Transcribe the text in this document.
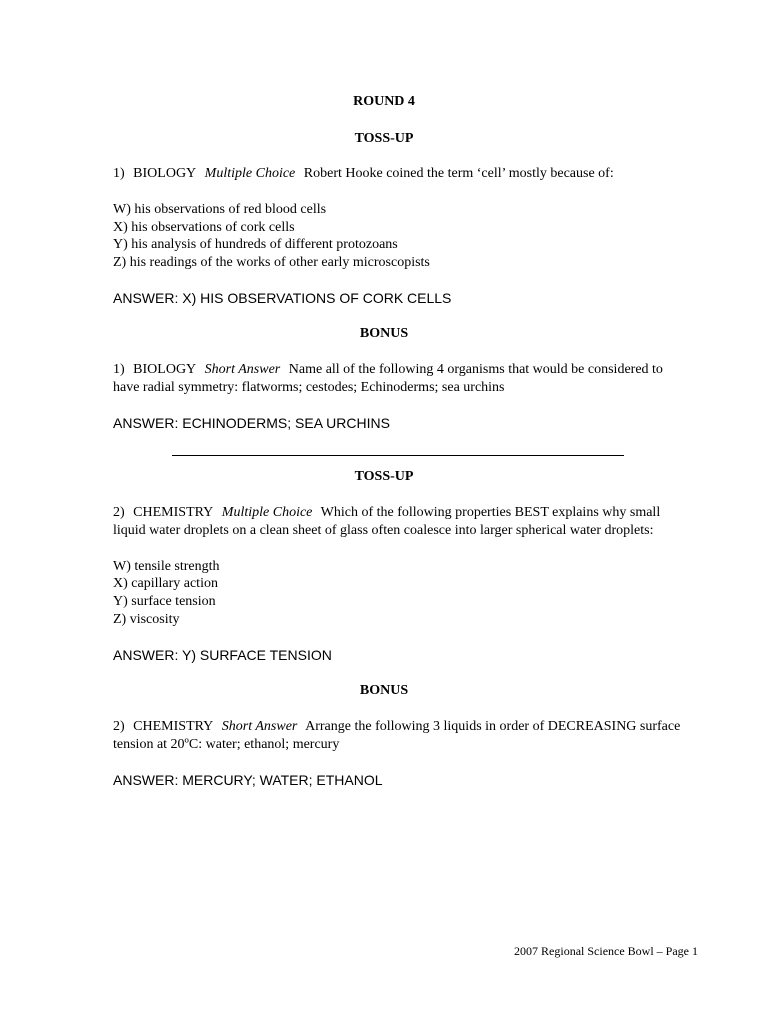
ROUND 4
TOSS-UP
1) BIOLOGY Multiple Choice Robert Hooke coined the term ‘cell’ mostly because of:
W) his observations of red blood cells
X) his observations of cork cells
Y) his analysis of hundreds of different protozoans
Z) his readings of the works of other early microscopists
ANSWER: X) HIS OBSERVATIONS OF CORK CELLS
BONUS
1) BIOLOGY Short Answer Name all of the following 4 organisms that would be considered to
have radial symmetry: flatworms; cestodes; Echinoderms; sea urchins
ANSWER: ECHINODERMS; SEA URCHINS
TOSS-UP
2) CHEMISTRY Multiple Choice Which of the following properties BEST explains why small
liquid water droplets on a clean sheet of glass often coalesce into larger spherical water droplets:
W) tensile strength
X) capillary action
Y) surface tension
Z) viscosity
ANSWER: Y) SURFACE TENSION
BONUS
2) CHEMISTRY Short Answer Arrange the following 3 liquids in order of DECREASING surface
tension at 20ºC: water; ethanol; mercury
ANSWER: MERCURY; WATER; ETHANOL
2007 Regional Science Bowl – Page 1
